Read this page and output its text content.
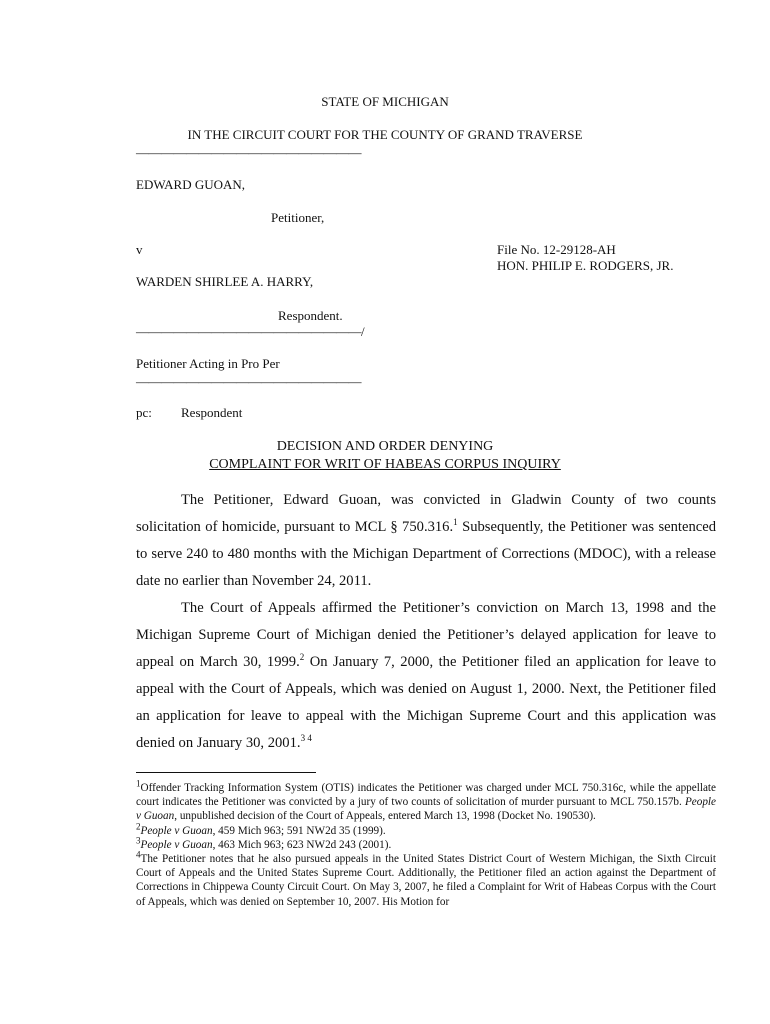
STATE OF MICHIGAN
IN THE CIRCUIT COURT FOR THE COUNTY OF GRAND TRAVERSE
——————————————————
EDWARD GUOAN,
Petitioner,
v	File No. 12-29128-AH
HON. PHILIP E. RODGERS, JR.
WARDEN SHIRLEE A. HARRY,
Respondent.
——————————————————/
Petitioner Acting in Pro Per
——————————————————
pc: Respondent
DECISION AND ORDER DENYING
COMPLAINT FOR WRIT OF HABEAS CORPUS INQUIRY

The Petitioner, Edward Guoan, was convicted in Gladwin County of two counts solicitation of homicide, pursuant to MCL § 750.316.$^1$ Subsequently, the Petitioner was sentenced to serve 240 to 480 months with the Michigan Department of Corrections (MDOC), with a release date no earlier than November 24, 2011.

The Court of Appeals affirmed the Petitioner’s conviction on March 13, 1998 and the Michigan Supreme Court of Michigan denied the Petitioner’s delayed application for leave to appeal on March 30, 1999.$^2$ On January 7, 2000, the Petitioner filed an application for leave to appeal with the Court of Appeals, which was denied on August 1, 2000. Next, the Petitioner filed an application for leave to appeal with the Michigan Supreme Court and this application was denied on January 30, 2001.$^{3 4}$

$^1$Offender Tracking Information System (OTIS) indicates the Petitioner was charged under MCL 750.316c, while the appellate court indicates the Petitioner was convicted by a jury of two counts of solicitation of murder pursuant to MCL 750.157b. People v Guoan, unpublished decision of the Court of Appeals, entered March 13, 1998 (Docket No. 190530).
$^2$People v Guoan, 459 Mich 963; 591 NW2d 35 (1999).
$^3$People v Guoan, 463 Mich 963; 623 NW2d 243 (2001).
$^4$The Petitioner notes that he also pursued appeals in the United States District Court of Western Michigan, the Sixth Circuit Court of Appeals and the United States Supreme Court. Additionally, the Petitioner filed an action against the Department of Corrections in Chippewa County Circuit Court. On May 3, 2007, he filed a Complaint for Writ of Habeas Corpus with the Court of Appeals, which was denied on September 10, 2007. His Motion for
